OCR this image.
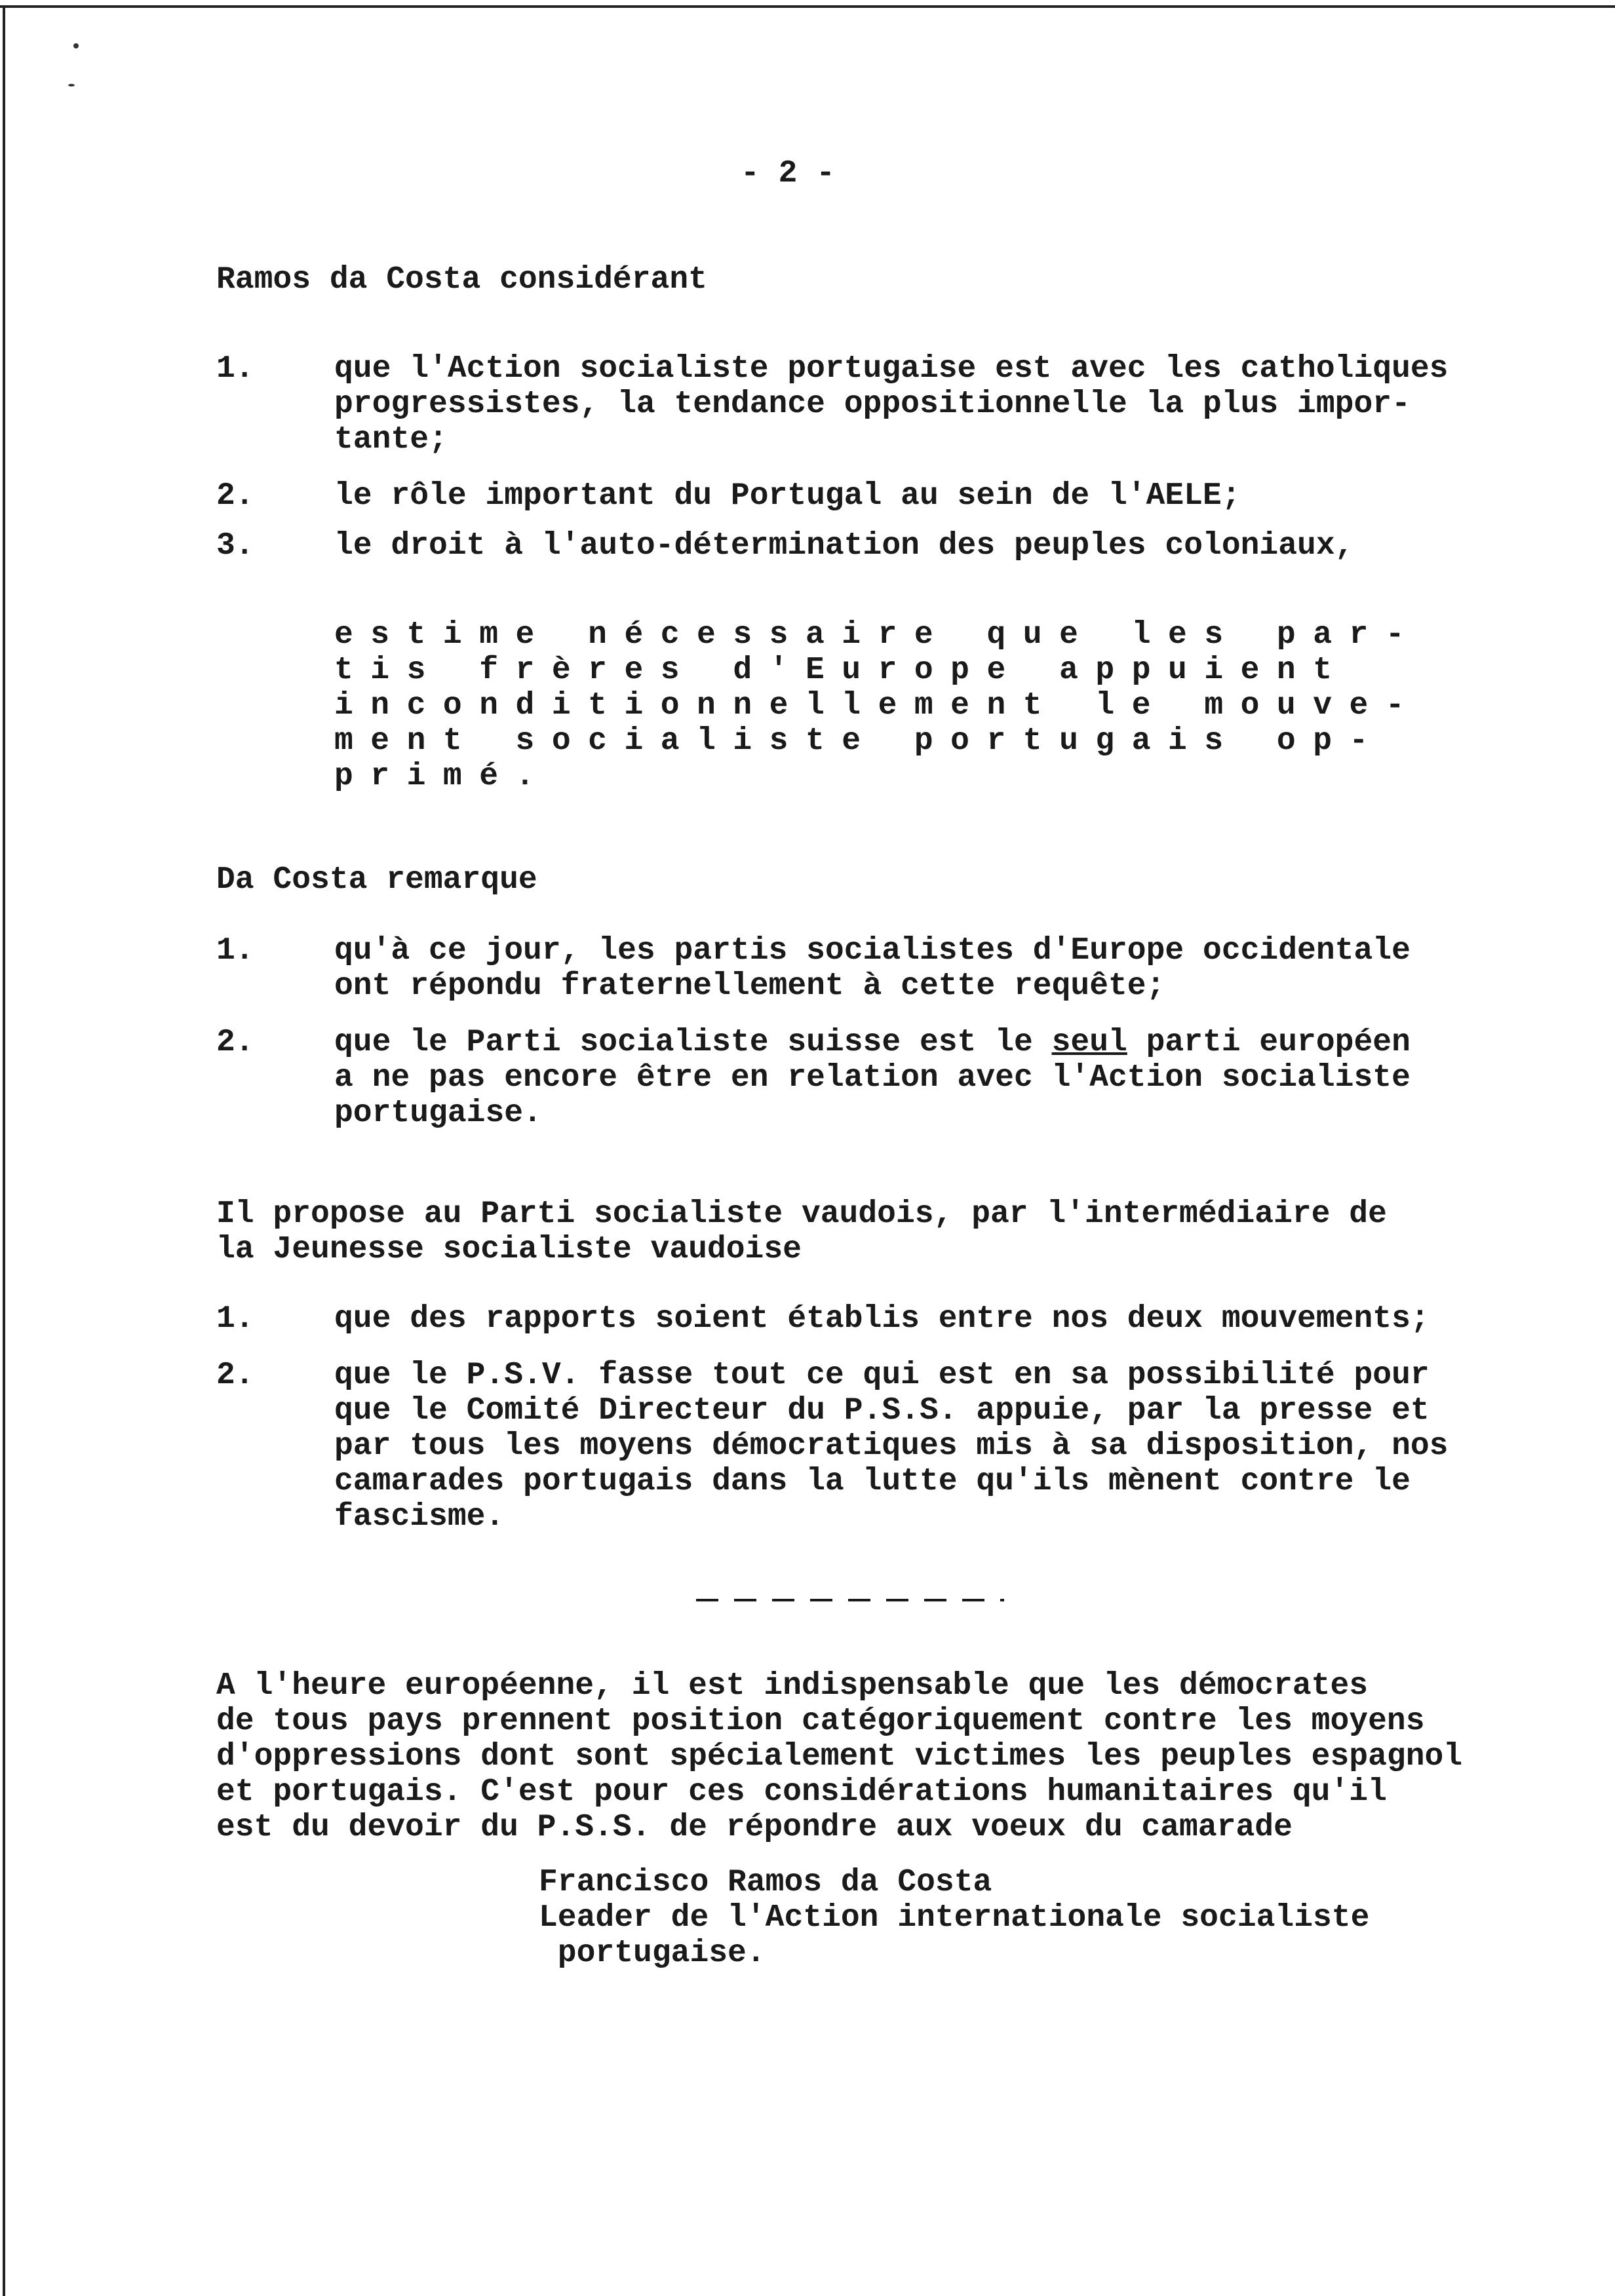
- 2 -
Ramos da Costa considérant
1.	que l'Action socialiste portugaise est avec les catholiques
progressistes, la tendance oppositionnelle la plus impor-
tante;
2.	le rôle important du Portugal au sein de l'AELE;
3.	le droit à l'auto-détermination des peuples coloniaux,
estime nécessaire que les par-
tis frères d'Europe appuient
inconditionnellement le mouve-
ment socialiste portugais op-
primé.
Da Costa remarque
1.	qu'à ce jour, les partis socialistes d'Europe occidentale
ont répondu fraternellement à cette requête;
2.	que le Parti socialiste suisse est le seul parti européen
a ne pas encore être en relation avec l'Action socialiste
portugaise.
Il propose au Parti socialiste vaudois, par l'intermédiaire de
la Jeunesse socialiste vaudoise
1.	que des rapports soient établis entre nos deux mouvements;
2.	que le P.S.V. fasse tout ce qui est en sa possibilité pour
que le Comité Directeur du P.S.S. appuie, par la presse et
par tous les moyens démocratiques mis à sa disposition, nos
camarades portugais dans la lutte qu'ils mènent contre le
fascisme.
A l'heure européenne, il est indispensable que les démocrates
de tous pays prennent position catégoriquement contre les moyens
d'oppressions dont sont spécialement victimes les peuples espagnol
et portugais. C'est pour ces considérations humanitaires qu'il
est du devoir du P.S.S. de répondre aux voeux du camarade
Francisco Ramos da Costa
Leader de l'Action internationale socialiste
portugaise.
